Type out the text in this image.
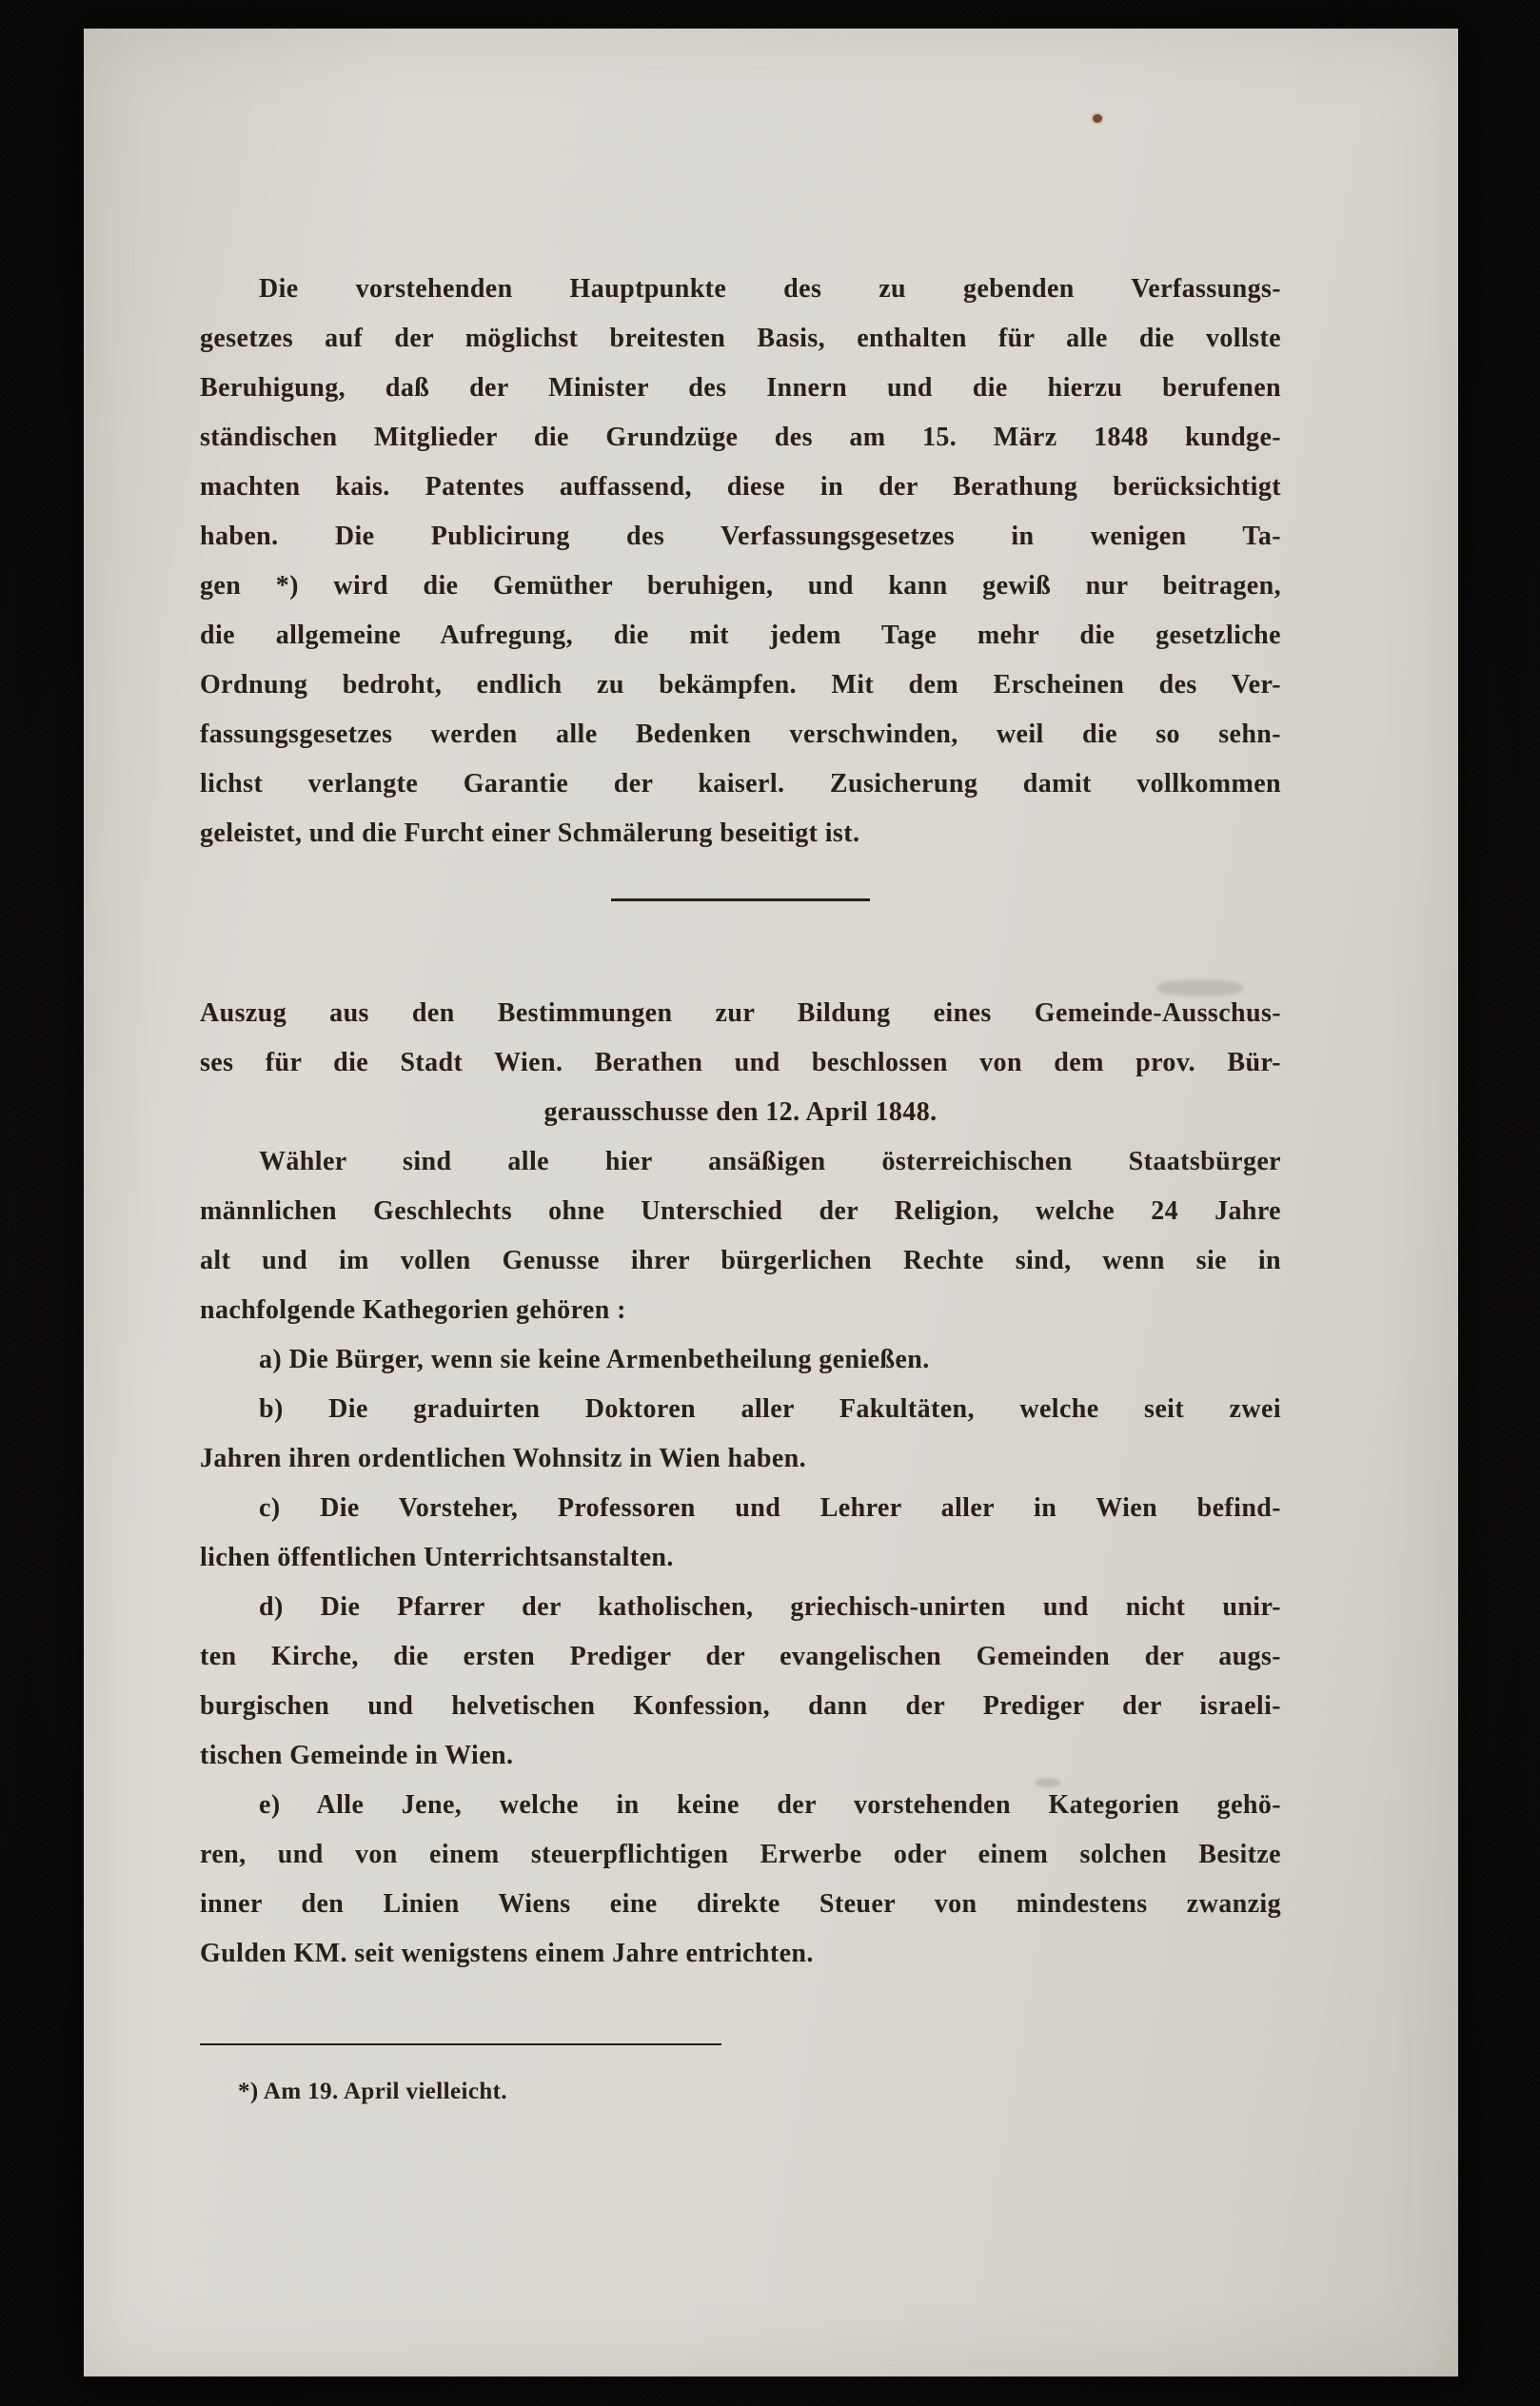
Die vorstehenden Hauptpunkte des zu gebenden Verfassungs-
gesetzes auf der möglichst breitesten Basis, enthalten für alle die vollste
Beruhigung, daß der Minister des Innern und die hierzu berufenen
ständischen Mitglieder die Grundzüge des am 15. März 1848 kundge-
machten kais. Patentes auffassend, diese in der Berathung berücksichtigt
haben. Die Publicirung des Verfassungsgesetzes in wenigen Ta-
gen *) wird die Gemüther beruhigen, und kann gewiß nur beitragen,
die allgemeine Aufregung, die mit jedem Tage mehr die gesetzliche
Ordnung bedroht, endlich zu bekämpfen. Mit dem Erscheinen des Ver-
fassungsgesetzes werden alle Bedenken verschwinden, weil die so sehn-
lichst verlangte Garantie der kaiserl. Zusicherung damit vollkommen
geleistet, und die Furcht einer Schmälerung beseitigt ist.
Auszug aus den Bestimmungen zur Bildung eines Gemeinde-Ausschus-
ses für die Stadt Wien. Berathen und beschlossen von dem prov. Bür-
gerausschusse den 12. April 1848.
Wähler sind alle hier ansäßigen österreichischen Staatsbürger
männlichen Geschlechts ohne Unterschied der Religion, welche 24 Jahre
alt und im vollen Genusse ihrer bürgerlichen Rechte sind, wenn sie in
nachfolgende Kathegorien gehören :
a) Die Bürger, wenn sie keine Armenbetheilung genießen.
b) Die graduirten Doktoren aller Fakultäten, welche seit zwei
Jahren ihren ordentlichen Wohnsitz in Wien haben.
c) Die Vorsteher, Professoren und Lehrer aller in Wien befind-
lichen öffentlichen Unterrichtsanstalten.
d) Die Pfarrer der katholischen, griechisch-unirten und nicht unir-
ten Kirche, die ersten Prediger der evangelischen Gemeinden der augs-
burgischen und helvetischen Konfession, dann der Prediger der israeli-
tischen Gemeinde in Wien.
e) Alle Jene, welche in keine der vorstehenden Kategorien gehö-
ren, und von einem steuerpflichtigen Erwerbe oder einem solchen Besitze
inner den Linien Wiens eine direkte Steuer von mindestens zwanzig
Gulden KM. seit wenigstens einem Jahre entrichten.
*) Am 19. April vielleicht.
